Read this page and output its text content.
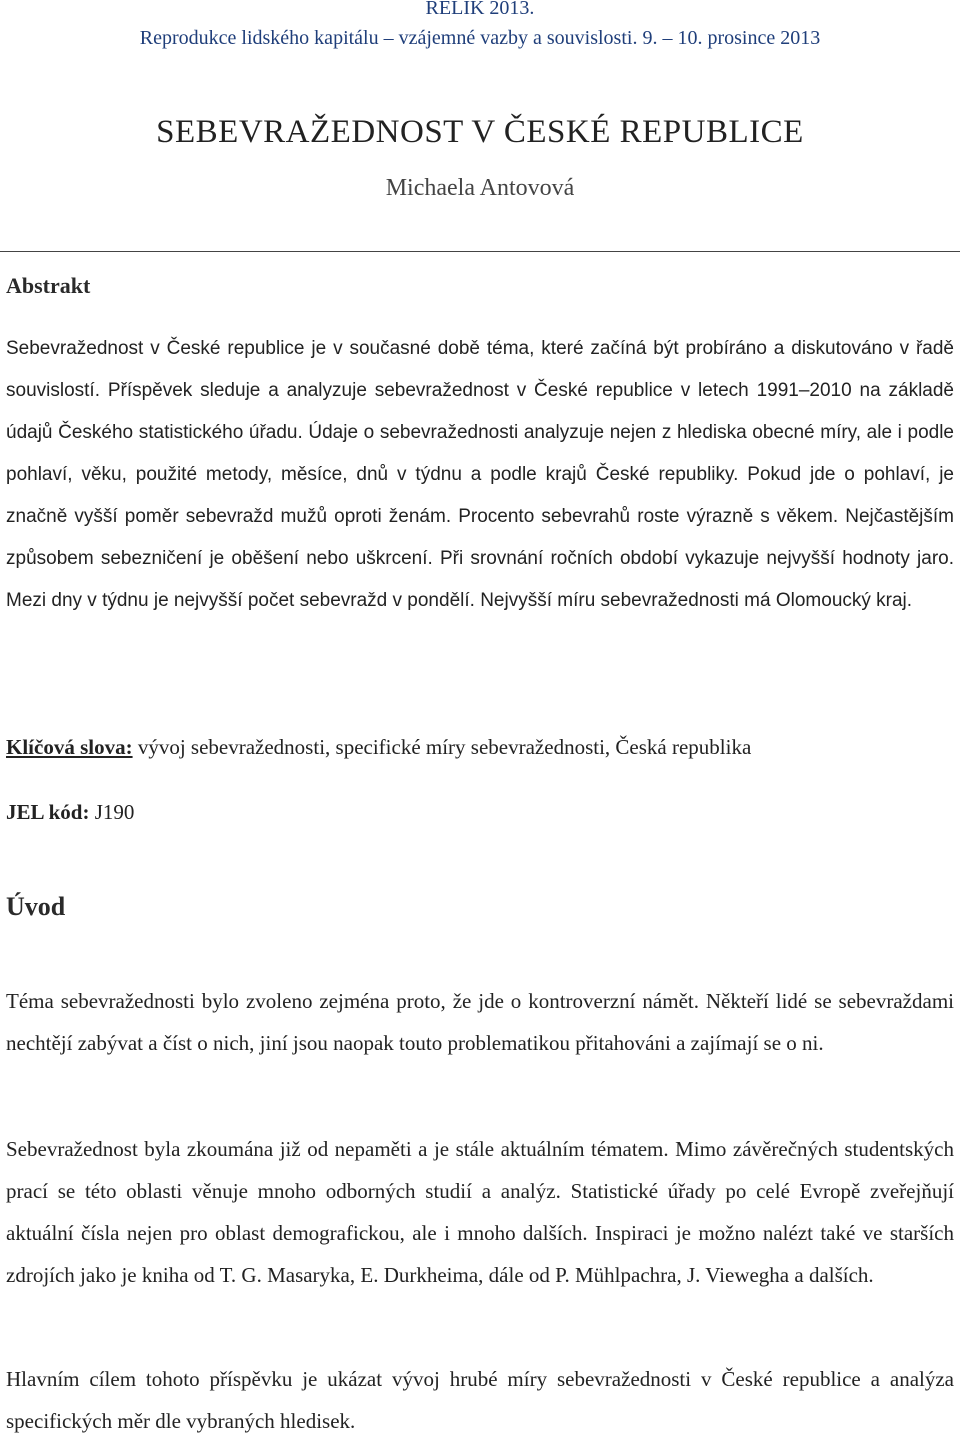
RELIK 2013.
Reprodukce lidského kapitálu – vzájemné vazby a souvislosti. 9. – 10. prosince 2013
SEBEVRAŽEDNOST V ČESKÉ REPUBLICE
Michaela Antovová
Abstrakt
Sebevražednost v České republice je v současné době téma, které začíná být probíráno a diskutováno v řadě souvislostí. Příspěvek sleduje a analyzuje sebevražednost v České republice v letech 1991–2010 na základě údajů Českého statistického úřadu. Údaje o sebevražednosti analyzuje nejen z hlediska obecné míry, ale i podle pohlaví, věku, použité metody, měsíce, dnů v týdnu a podle krajů České republiky. Pokud jde o pohlaví, je značně vyšší poměr sebevražd mužů oproti ženám. Procento sebevrahů roste výrazně s věkem. Nejčastějším způsobem sebezničení je oběšení nebo uškrcení. Při srovnání ročních období vykazuje nejvyšší hodnoty jaro. Mezi dny v týdnu je nejvyšší počet sebevražd v pondělí. Nejvyšší míru sebevražednosti má Olomoucký kraj.
Klíčová slova: vývoj sebevražednosti, specifické míry sebevražednosti, Česká republika
JEL kód: J190
Úvod
Téma sebevražednosti bylo zvoleno zejména proto, že jde o kontroverzní námět. Někteří lidé se sebevraždami nechtějí zabývat a číst o nich, jiní jsou naopak touto problematikou přitahováni a zajímají se o ni.
Sebevražednost byla zkoumána již od nepaměti a je stále aktuálním tématem. Mimo závěrečných studentských prací se této oblasti věnuje mnoho odborných studií a analýz. Statistické úřady po celé Evropě zveřejňují aktuální čísla nejen pro oblast demografickou, ale i mnoho dalších. Inspiraci je možno nalézt také ve starších zdrojích jako je kniha od T. G. Masaryka, E. Durkheima, dále od P. Mühlpachra, J. Viewegha a dalších.
Hlavním cílem tohoto příspěvku je ukázat vývoj hrubé míry sebevražednosti v České republice a analýza specifických měr dle vybraných hledisek.
